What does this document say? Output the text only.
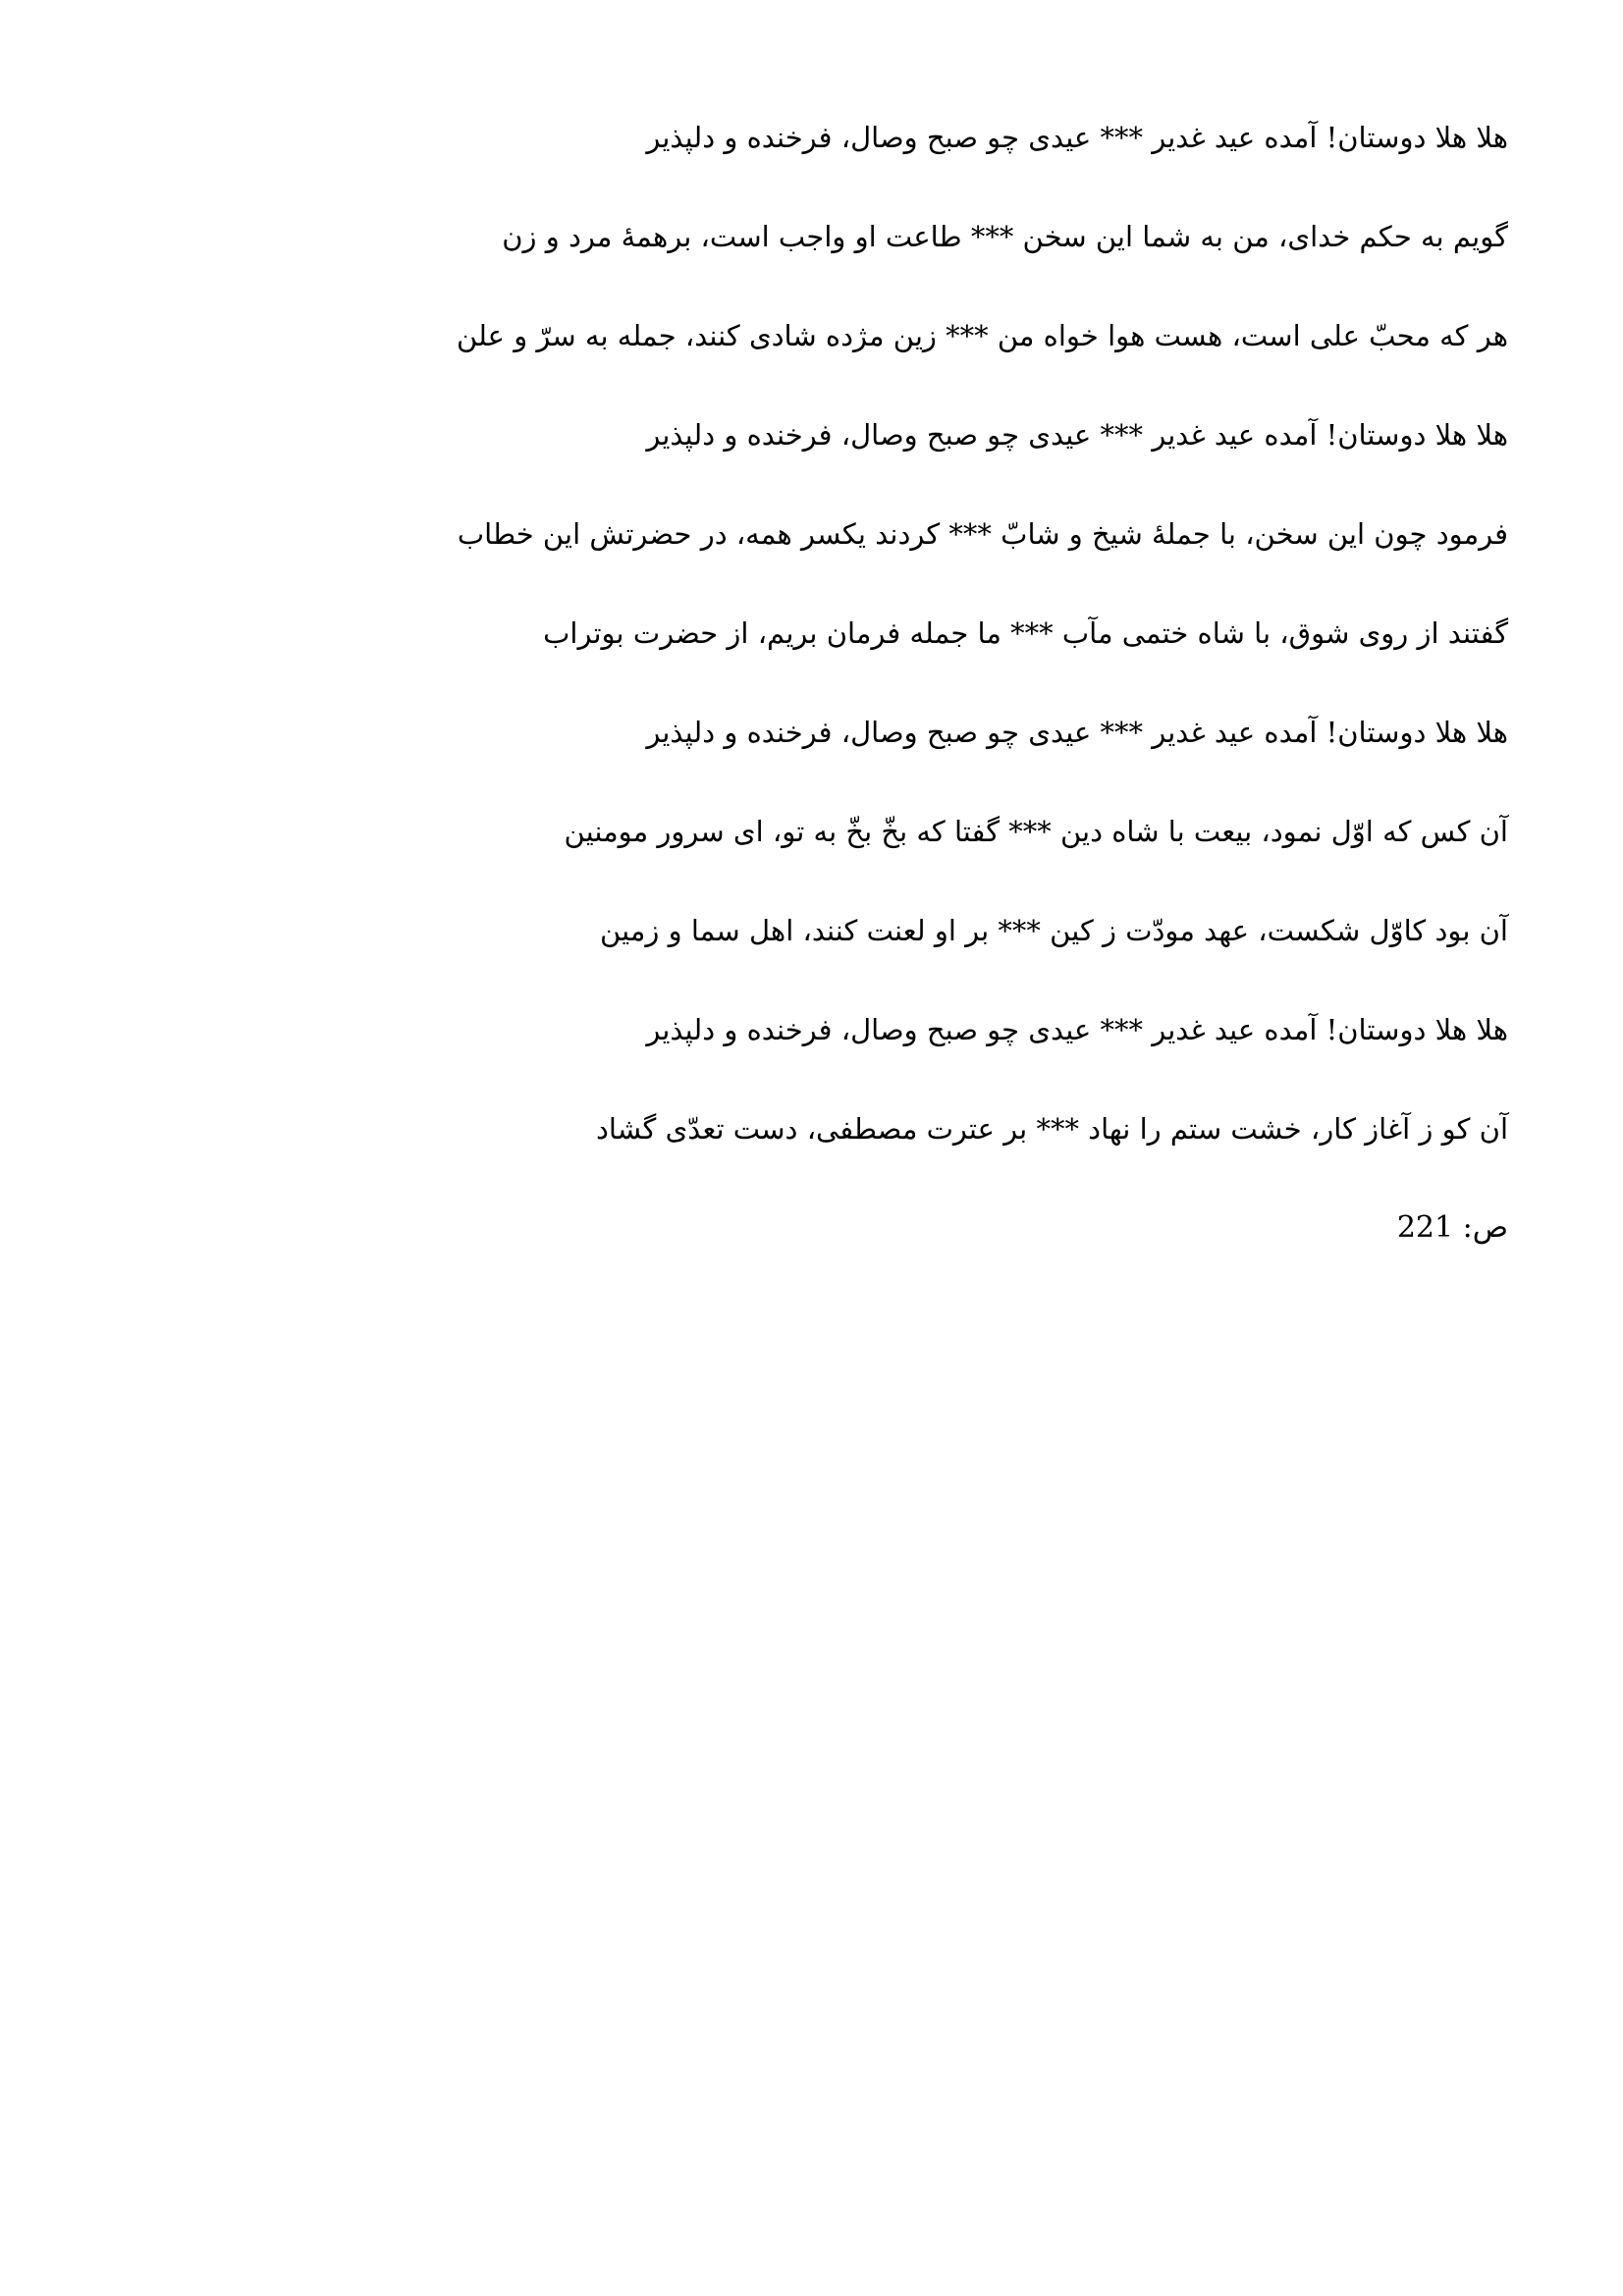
هلا هلا دوستان! آمده عید غدیر *** عیدی چو صبح وصال، فرخنده و دلپذیر

گویم به حکم خدای، من به شما این سخن *** طاعت او واجب است، برهمهٔ مرد و زن

هر که محبّ علی است، هست هوا خواه من *** زین مژده شادی کنند، جمله به سرّ و علن

هلا هلا دوستان! آمده عید غدیر *** عیدی چو صبح وصال، فرخنده و دلپذیر

فرمود چون این سخن، با جملهٔ شیخ و شابّ *** کردند یکسر همه، در حضرتش این خطاب

گفتند از روی شوق، با شاه ختمی مآب *** ما جمله فرمان بریم، از حضرت بوتراب

هلا هلا دوستان! آمده عید غدیر *** عیدی چو صبح وصال، فرخنده و دلپذیر

آن کس که اوّل نمود، بیعت با شاه دین *** گفتا که بخّ بخّ به تو، ای سرور مومنین

آن بود کاوّل شکست، عهد مودّت ز کین *** بر او لعنت کنند، اهل سما و زمین

هلا هلا دوستان! آمده عید غدیر *** عیدی چو صبح وصال، فرخنده و دلپذیر

آن کو ز آغاز کار، خشت ستم را نهاد *** بر عترت مصطفی، دست تعدّی گشاد

ص: 221
